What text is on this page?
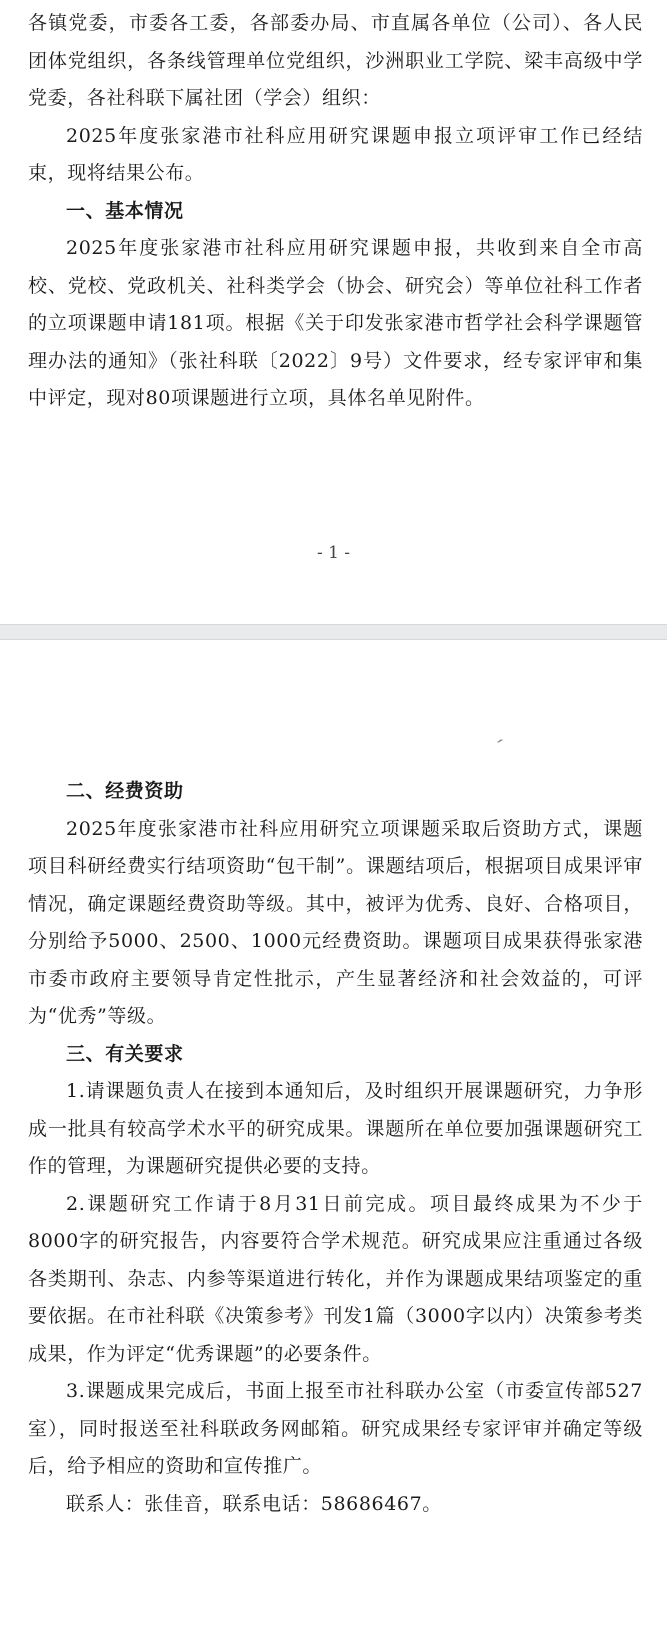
各镇党委，市委各工委，各部委办局、市直属各单位（公司）、各人民团体党组织，各条线管理单位党组织，沙洲职业工学院、梁丰高级中学党委，各社科联下属社团（学会）组织：

2025年度张家港市社科应用研究课题申报立项评审工作已经结束，现将结果公布。

一、基本情况

2025年度张家港市社科应用研究课题申报，共收到来自全市高校、党校、党政机关、社科类学会（协会、研究会）等单位社科工作者的立项课题申请181项。根据《关于印发张家港市哲学社会科学课题管理办法的通知》（张社科联〔2022〕9号）文件要求，经专家评审和集中评定，现对80项课题进行立项，具体名单见附件。

- 1 -
ˊ
二、经费资助

2025年度张家港市社科应用研究立项课题采取后资助方式，课题项目科研经费实行结项资助“包干制”。课题结项后，根据项目成果评审情况，确定课题经费资助等级。其中，被评为优秀、良好、合格项目，分别给予5000、2500、1000元经费资助。课题项目成果获得张家港市委市政府主要领导肯定性批示，产生显著经济和社会效益的，可评为“优秀”等级。

三、有关要求

1.请课题负责人在接到本通知后，及时组织开展课题研究，力争形成一批具有较高学术水平的研究成果。课题所在单位要加强课题研究工作的管理，为课题研究提供必要的支持。

2.课题研究工作请于8月31日前完成。项目最终成果为不少于8000字的研究报告，内容要符合学术规范。研究成果应注重通过各级各类期刊、杂志、内参等渠道进行转化，并作为课题成果结项鉴定的重要依据。在市社科联《决策参考》刊发1篇（3000字以内）决策参考类成果，作为评定“优秀课题”的必要条件。

3.课题成果完成后，书面上报至市社科联办公室（市委宣传部527室），同时报送至社科联政务网邮箱。研究成果经专家评审并确定等级后，给予相应的资助和宣传推广。

联系人：张佳音，联系电话：58686467。
